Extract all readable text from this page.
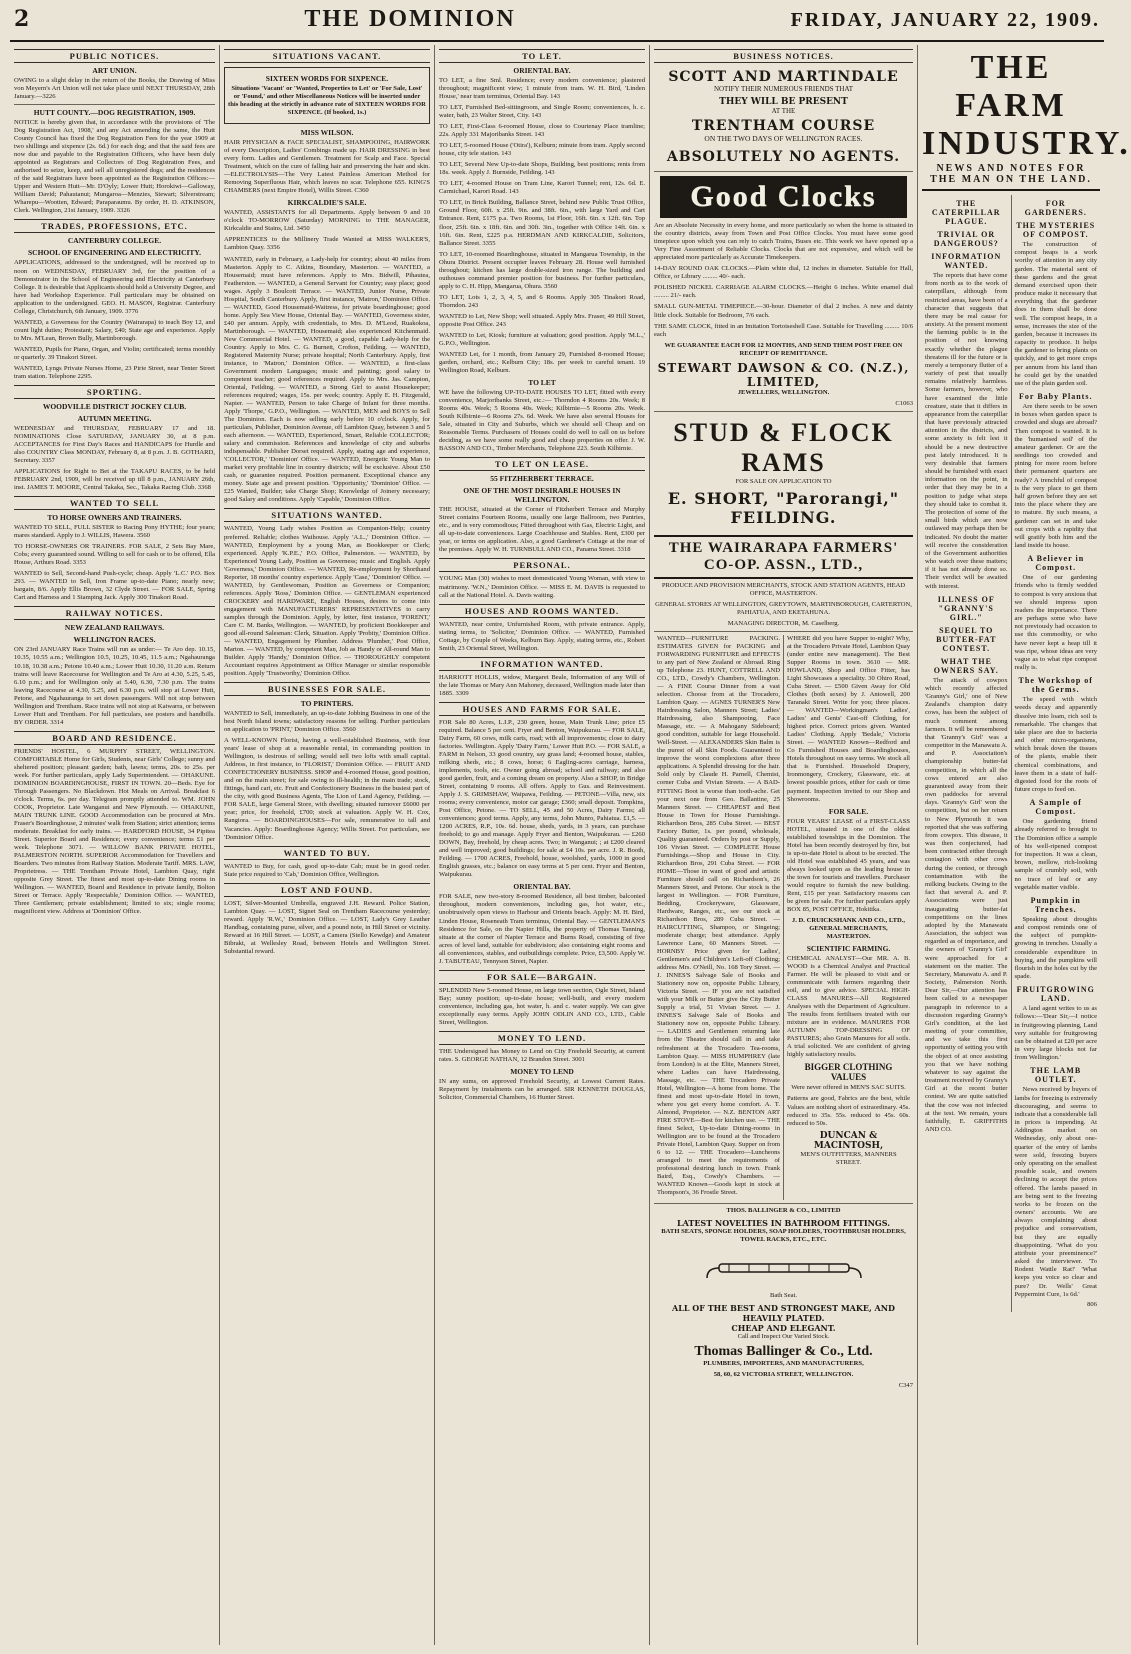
2	THE DOMINION	FRIDAY, JANUARY 22, 1909.
PUBLIC NOTICES.
ART UNION.

OWING to a slight delay in the return of the Books, the Drawing of Miss von Meyern's Art Union will not take place until NEXT THURSDAY, 28th January.—3226

HUTT COUNTY.—DOG REGISTRATION, 1909.

NOTICE is hereby given that, in accordance with the provisions of 'The Dog Registration Act, 1908,' and any Act amending the same, the Hutt County Council has fixed the Dog Registration Fees for the year 1909 at two shillings and sixpence (2s. 6d.) for each dog; and that the said fees are now due and payable to the Registration Officers, who have been duly appointed as Registrars and Collectors of Dog Registration Fees, and authorised to seize, keep, and sell all unregistered dogs; and the residences of the said Registrars have been appointed as the Registration Offices:— Upper and Western Hutt—Mr. D'Oyly; Lower Hutt; Horokiwi—Galloway, William David; Pahautanui; Mungaroa—Menzies, Stewart; Silverstream; Wharepu—Wootten, Edward; Paraparaumu. By order, H. D. ATKINSON, Clerk. Wellington, 21st January, 1909. 3326

TRADES, PROFESSIONS, ETC.
CANTERBURY COLLEGE.
SCHOOL OF ENGINEERING AND ELECTRICITY.

APPLICATIONS, addressed to the undersigned, will be received up to noon on WEDNESDAY, FEBRUARY 3rd, for the position of a Demonstrator in the School of Engineering and Electricity at Canterbury College. It is desirable that Applicants should hold a University Degree, and have had Workshop Experience. Full particulars may be obtained on application to the undersigned. GEO. H. MASON, Registrar. Canterbury College, Christchurch, 6th January, 1909. 3776

WANTED, a Governess for the Country (Wairarapa) to teach Boy 12, and count light duties; Protestant; Salary, £40; State age and experience. Apply to Mrs. M'Lean, Brown Bully, Martinborough.

WANTED, Pupils for Piano, Organ, and Violin; certificated; terms monthly or quarterly. 39 Tinakori Street.

WANTED, Lyngs Private Nurses Home, 23 Pirie Street, near Tenter Street tram station. Telephone 2295.

SPORTING.
WOODVILLE DISTRICT JOCKEY CLUB.
AUTUMN MEETING.

WEDNESDAY and THURSDAY, FEBRUARY 17 and 18. NOMINATIONS Close SATURDAY, JANUARY 30, at 8 p.m. ACCEPTANCES for First Day's Races and HANDICAPS for Hurdle and also COUNTRY Class MONDAY, February 8, at 8 p.m. J. B. GOTHARD, Secretary. 3357

APPLICATIONS for Right to Bet at the TAKAPU RACES, to be held FEBRUARY 2nd, 1909, will be received up till 8 p.m., JANUARY 26th, inst. JAMES T. MOORE, Central Takaka, Sec., Takaka Racing Club. 3368

WANTED TO SELL
TO HORSE OWNERS AND TRAINERS.

WANTED TO SELL, FULL SISTER to Racing Pony HYTHE; four years; mares standard. Apply to J. WILLIS, Hawera. 3560

TO HORSE-OWNERS OR TRAINERS. FOR SALE, 2 Sets Bay Mare, Cobs; every guaranteed sound. Willing to sell for cash or to be offered, Ella House, Arthurs Road. 3353

WANTED to Sell, Second-hand Push-cycle; cheap. Apply 'L.C.' P.O. Box 293. — WANTED to Sell, Iron Frame up-to-date Piano; nearly new; bargain, 8/6. Apply Ellis Brown, 32 Clyde Street. — FOR SALE, Spring Cart and Harness and 1 Stamping Jack. Apply 300 Tinakori Road.

RAILWAY NOTICES.
NEW ZEALAND RAILWAYS.
WELLINGTON RACES.

ON 23rd JANUARY Race Trains will run as under:— Te Aro dep. 10.15, 10.35, 10.55 a.m.; Wellington 10.5, 10.25, 10.45, 11.5 a.m.; Ngahauranga 10.18, 10.38 a.m.; Petone 10.40 a.m.; Lower Hutt 10.30, 11.20 a.m. Return trains will leave Racecourse for Wellington and Te Aro at 4.30, 5.25, 5.45, 6.10 p.m.; and for Wellington only at 5.40, 6.30, 7.30 p.m. The trains leaving Racecourse at 4.30, 5.25, and 6.30 p.m. will stop at Lower Hutt, Petone, and Ngahauranga to set down passengers. Will not stop between Wellington and Trentham. Race trains will not stop at Kaiwarra, or between Lower Hutt and Trentham. For full particulars, see posters and handbills. BY ORDER. 3314

BOARD AND RESIDENCE.

FRIENDS' HOSTEL, 6 MURPHY STREET, WELLINGTON. COMFORTABLE Home for Girls, Students, near Girls' College; sunny and sheltered position; pleasant garden; bath, lawns; terms, 20s. to 25s. per week. For further particulars, apply Lady Superintendent. — OHAKUNE. DOMINION BOARDINGHOUSE, FIRST IN TOWN. 20—Beds. Eye for Through Passengers. No Blackdown. Hot Meals on Arrival. Breakfast 6 o'clock. Terms, 6s. per day. Telegram promptly attended to. WM. JOHN COOK, Proprietor. Late Wanganui and New Plymouth. — OHAKUNE, MAIN TRUNK LINE. GOOD Accommodation can be procured at Mrs. Fraser's Boardinghouse, 2 minutes' walk from Station; strict attention; terms moderate. Breakfast for early trains. — HARDFORD HOUSE, 34 Pipitea Street. Superior Board and Residence; every convenience; terms £1 per week. Telephone 3071. — WILLOW BANK PRIVATE HOTEL, PALMERSTON NORTH. SUPERIOR Accommodation for Travellers and Boarders. Two minutes from Railway Station. Moderate Tariff. MRS. LAW, Proprietress. — THE Trentham Private Hotel, Lambton Quay, right opposite Grey Street. The finest and most up-to-date Dining rooms in Wellington. — WANTED, Board and Residence in private family, Bolton Street or Terrace. Apply 'Respectable,' Dominion Office. — WANTED, Three Gentlemen; private establishment; limited to six; single rooms; magnificent view. Address at 'Dominion' Office.

SITUATIONS VACANT.
SIXTEEN WORDS FOR SIXPENCE.

Situations 'Vacant' or 'Wanted, Properties to Let' or 'For Sale, Lost' or 'Found,' and other Miscellaneous Notices will be inserted under this heading at the strictly in advance rate of SIXTEEN WORDS FOR SIXPENCE. (If booked, 1s.)

MISS WILSON.

HAIR PHYSICIAN & FACE SPECIALIST, SHAMPOOING, HAIRWORK of every Description, Ladies' Combings made up. HAIR DRESSING in best every form. Ladies and Gentlemen. Treatment for Scalp and Face. Special Treatment, which on the cure of falling hair and preserving the hair and skin.—ELECTROLYSIS—The Very Latest Painless American Method for Removing Superfluous Hair, which leaves no scar. Telephone 655. KING'S CHAMBERS (next Empire Hotel), Willis Street. C360

KIRKCALDIE'S SALE.

WANTED, ASSISTANTS for all Departments. Apply between 9 and 10 o'clock TO-MORROW (Saturday) MORNING to THE MANAGER, Kirkcaldie and Stains, Ltd. 3450

APPRENTICES to the Millinery Trade Wanted at MISS WALKER'S, Lambton Quay. 3356

WANTED, early in February, a Lady-help for country; about 40 miles from Masterton. Apply to C. Atkins, Boundary, Masterton. — WANTED, a Housemaid; must have references. Apply to Mrs. Bidwill, Pihautea, Featherston. — WANTED, a General Servant for Country; easy place; good wages. Apply 3 Boulcott Terrace. — WANTED, Junior Nurse, Private Hospital, South Canterbury. Apply, first instance, 'Matron,' Dominion Office. — WANTED, Good Housemaid-Waitress, for private boardinghouse; good home. Apply Sea View House, Oriental Bay. — WANTED, Governess sister, £40 per annum. Apply, with credentials, to Mrs. D. M'Leod, Ruakokoa, Martinborough. — WANTED, Housemaid; also experienced Kitchenmaid. New Commercial Hotel. — WANTED, a good, capable Lady-help for the Country. Apply to Mrs. C. G. Burnett, Crofton, Feilding. — WANTED, Registered Maternity Nurse; private hospital; North Canterbury. Apply, first instance, to 'Matron,' Dominion Office. — WANTED, a first-class Government modern Languages; music and painting; good salary to competent teacher; good references required. Apply to Mrs. Jas. Campion, Oriental, Feilding. — WANTED, a Strong Girl to assist Housekeeper; references required; wages, 15s. per week; country. Apply E. H. Fitzgerald, Napier. — WANTED, Person to take Charge of Infant for three months. Apply 'Thorpe,' G.P.O., Wellington. — WANTED, MEN and BOYS to Sell The Dominion. Each is now selling early before 10 o'clock. Apply, for particulars, Publisher, Dominion Avenue, off Lambton Quay, between 3 and 5 each afternoon. — WANTED, Experienced, Smart, Reliable COLLECTOR; salary and commission. References and knowledge of city and suburbs indispensable. Publisher Dorset required. Apply, stating age and experience, 'COLLECTOR,' 'Dominion' Office. — WANTED, Energetic Young Man to market very profitable line in country districts; will be exclusive. About £50 cash, or guarantee required. Position permanent. Exceptional chance any money. State age and present position. 'Opportunity,' 'Dominion' Office. — £25 Wanted, Builder; take Charge Shop; Knowledge of Joinery necessary; good Salary and conditions. Apply 'Capable,' Dominion Office.

SITUATIONS WANTED.

WANTED, Young Lady wishes Position as Companion-Help; country preferred. Reliable; clothes Waihouse. Apply 'A.L.,' Dominion Office. — WANTED, Employment by a young Man, as Bookkeeper or Clerk; experienced. Apply 'K.P.E.,' P.O. Office, Palmerston. — WANTED, by Experienced Young Lady, Position as Governess; music and English. Apply 'Governess,' Dominion Office. — WANTED, Re-employment by Shorthand Reporter, 18 months' country experience. Apply 'Case,' 'Dominion' Office. — WANTED, by Gentlewoman, Position as Governess or Companion; references. Apply 'Ross,' Dominion Office. — GENTLEMAN experienced CROCKERY and HARDWARE, English Houses, desires to come into engagement with MANUFACTURERS' REPRESENTATIVES to carry samples through the Dominion. Apply, by letter, first instance, 'FORENT,' Care C. M. Banks, Wellington. — WANTED, by proficient Bookkeeper and good all-round Salesman: Clerk, Situation. Apply 'Probity,' Dominion Office. — WANTED, Engagement by Plumber. Address 'Plumber,' Post Office, Marton. — WANTED, by competent Man, Job as Handy or All-round Man to Builder. Apply 'Handy,' Dominion Office. — THOROUGHLY competent Accountant requires Appointment as Office Manager or similar responsible position. Apply 'Trustworthy,' Dominion Office.

BUSINESSES FOR SALE.
TO PRINTERS.

WANTED to Sell, immediately, an up-to-date Jobbing Business in one of the best North Island towns; satisfactory reasons for selling. Further particulars on application to 'PRINT,' Dominion Office. 3560

A WELL-KNOWN Florist, having a well-established Business, with four years' lease of shop at a reasonable rental, in commanding position in Wellington, is desirous of selling; would sell two lofts with small capital. Address, in first instance, to 'FLORIST,' Dominion Office. — FRUIT AND CONFECTIONERY BUSINESS. SHOP and 4-roomed House, good position, and on the main street; for sale owing to ill-health; in the main trade; stock, fittings, hand cart, etc. Fruit and Confectionery Business in the busiest part of the city, with good Business Agents, The Lion of Land Agency, Feilding. — FOR SALE, large General Store, with dwelling; situated turnover £6000 per year; price, for freehold, £700; stock at valuation. Apply W. H. Cox, Rangiora. — BOARDINGHOUSES—For sale, remunerative to tall and Vacancies. Apply: Boardinghouse Agency; Willis Street. For particulars, see 'Dominion' Office.

WANTED TO BUY.

WANTED to Buy, for cash, good up-to-date Cab; must be in good order. State price required to 'Cab,' Dominion Office, Wellington.

LOST AND FOUND.

LOST, Silver-Mounted Umbrella, engraved J.H. Reward. Police Station, Lambton Quay. — LOST, Signet Seal on Trentham Racecourse yesterday; reward. Apply 'R.W.,' Dominion Office. — LOST, Lady's Grey Leather Handbag, containing purse, silver, and a pound note, in Hill Street or vicinity. Reward at 16 Hill Street. — LOST, a Camera (Stello Kewdge) and Amateur Bibrakt, at Wellesley Road, between Hotels and Wellington Street. Substantial reward.

TO LET.
ORIENTAL BAY.

TO LET, a fine Sml. Residence; every modern convenience; plastered throughout; magnificent view; 1 minute from tram. W. H. Bird, 'Linden House,' near tram terminus, Oriental Bay. 143

TO LET, Furnished Bed-sittingroom, and Single Room; conveniences, h. c. water, bath, 23 Walter Street, City. 143

TO LET, First-Class 6-roomed House, close to Courtenay Place tramline; 22s. Apply 331 Majoribanks Street. 143

TO LET, 5-roomed House ('Otira'), Kelburn; minute from tram. Apply second house, city tele station. 143

TO LET, Several New Up-to-date Shops, Building, best positions; rents from 18s. week. Apply J. Burnside, Feilding. 143

TO LET, 4-roomed House on Tram Line, Karori Tunnel; rent, 12s. 6d. E. Carmichael, Karori Road. 143

TO LET, in Brick Building, Ballance Street, behind new Public Trust Office, Ground Floor, 60ft. x 25ft. 9in. and 38ft. 6in., with large Yard and Cart Entrance. Rent, £175 p.a. Two Rooms, 1st Floor, 16ft. 6in. x 12ft. 6in. Top floor, 25ft. 6in. x 18ft. 6in. and 30ft. 3in., together with Office 14ft. 6in. x 16ft. 6in. Rent, £225 p.a. HERDMAN AND KIRKCALDIE, Solicitors, Ballance Street. 3355

TO LET, 10-roomed Boardinghouse, situated in Mangarua Township, in the Ohura District. Present occupier leaves February 28. House well furnished throughout; kitchen has large double-sized iron range. The building and outhouses command premier position for business. For further particulars, apply to C. H. Hipp, Mangarua, Ohura. 3560

TO LET, Lots 1, 2, 3, 4, 5, and 6 Rooms. Apply 305 Tinakori Road, Thorndon. 243

WANTED to Let, New Shop; well situated. Apply Mrs. Fraser, 49 Hill Street, opposite Post Office. 243

WANTED to Let, Kiosk; furniture at valuation; good position. Apply 'M.L.,' G.P.O., Wellington.

WANTED Let, for 1 month, from January 29, Furnished 8-roomed House; garden, orchard, etc.; Kelburn City; 18s. per week to careful tenant. 19 Wellington Road, Kelburn.

TO LET

WE have the following UP-TO-DATE HOUSES TO LET, fitted with every convenience, Marjoribanks Street, etc.:— Thorndon 4 Rooms 20s. Week; 8 Rooms 40s. Week; 5 Rooms 40s. Week; Kilbirnie—5 Rooms 20s. Week. South Kilbirnie—6 Rooms 27s. 6d. Week. We have also several Houses for Sale, situated in City and Suburbs, which we should sell Cheap and on Reasonable Terms. Purchasers of Houses could do well to call on us before deciding, as we have some really good and cheap properties on offer. J. W. BASSON AND CO., Timber Merchants, Telephone 223. South Kilbirnie.

TO LET ON LEASE.
55 FITZHERBERT TERRACE.
ONE OF THE MOST DESIRABLE HOUSES IN WELLINGTON.

THE HOUSE, situated at the Corner of Fitzherbert Terrace and Murphy Street contains Fourteen Rooms, usually one large Ballroom, two Pantries, etc., and is very commodious; Fitted throughout with Gas, Electric Light, and all up-to-date conveniences. Large Coachhouse and Stables. Rent, £300 per year, or terms on application. Also, a good Gardener's Cottage at the rear of the premises. Apply W. H. TURNBULL AND CO., Panama Street. 3318

PERSONAL.

YOUNG Man (30) wishes to meet domesticated Young Woman, with view to matrimony. 'W.N.,' Dominion Office. — MISS E. M. DAVIS is requested to call at the National Hotel. A. Davis waiting.

HOUSES AND ROOMS WANTED.

WANTED, near centre, Unfurnished Room, with private entrance. Apply, stating terms, to 'Solicitor,' Dominion Office. — WANTED, Furnished Cottage, by Couple of Weeks, Kelburn Bay. Apply, stating terms, etc., Robert Smith, 23 Oriental Street, Wellington.

INFORMATION WANTED.

HARRIOTT HOLLIS, widow, Margaret Beale, Information of any Will of the late Thomas or Mary Ann Mahoney, deceased, Wellington made later than 1885. 3309

HOUSES AND FARMS FOR SALE.

FOR Sale 80 Acres, L.I.P., 230 green, house, Main Trunk Line; price £5 required. Balance 5 per cent. Fryer and Benton, Waipukurau. — FOR SALE, Dairy Farm, 60 cows, milk carts, road; with all improvements; close to dairy factories. Wellington. Apply 'Dairy Farm,' Lower Hutt P.O. — FOR SALE, a FARM in Nelson, 33 good country, say grass land; 4-roomed house, stables, milking sheds, etc.; 8 cows, horse; 6 Eagling-acres carriage, harness, implements, tools, etc. Owner going abroad; school and railway; and also good garden, fruit, and a coming dream on property. Also a SHOP, in Bridge Street, containing 9 rooms. All offers. Apply to Gus. and Reinvestment. Apply J. S. GRIMSHAW, Waipawa, Feilding. — PETONE—Villa, new, six rooms; every convenience, motor car garage; £360; small deposit. Tompkins, Post Office, Petone. — TO SELL, 45 and 50 Acres, Dairy Farms; all conveniences; good terms. Apply, any terms, John Munro, Pahiatua. £1,5. — 1200 ACRES, R.P., 10s. 6d. house, sheds, yards, in 3 years, can purchase freehold; to go and manage. Apply Fryer and Benton, Waipukurau. — £260 DOWN, Bay, freehold, by cheap acres. Two; in Wanganui; ; at £200 cleared and well improved; good buildings; for sale at £4 10s. per acre. J. R. Booth, Feilding. — 1700 ACRES, Freehold, house, woolshed, yards, 1000 in good English grasses, etc.; balance on easy terms at 5 per cent. Fryer and Benton, Waipukurau.

ORIENTAL BAY.

FOR SALE, new two-story 8-roomed Residence, all best timber, balconied throughout, modern conveniences, including gas, hot water, etc., unobtrusively open views to Harbour and Orients beach. Apply: M. H. Bird, Linden House, Roseneath Tram terminus, Oriental Bay. — GENTLEMAN'S Residence for Sale, on the Napier Hills, the property of Thomas Tanning, situate at the corner of Napier Terrace and Burns Road, consisting of five acres of level land, suitable for subdivision; also containing eight rooms and all conveniences, stables, and outbuildings complete. Price, £3,500. Apply W. J. TABUTEAU, Tennyson Street, Napier.

FOR SALE—BARGAIN.

SPLENDID New 5-roomed House, on large town section, Ogle Street, Island Bay; sunny position; up-to-date house; well-built, and every modern convenience, including gas, hot water, h. and c. water supply. We can give exceptionally easy terms. Apply JOHN ODLIN AND CO., LTD., Cable Street, Wellington.

MONEY TO LEND.

THE Undersigned has Money to Lend on City Freehold Security, at current rates. S. GEORGE NATHAN, 12 Brandon Street. 3001

MONEY TO LEND

IN any sums, on approved Freehold Security, at Lowest Current Rates. Repayment by instalments can be arranged. SIR KENNETH DOUGLAS, Solicitor, Commercial Chambers, 16 Hunter Street.

BUSINESS NOTICES.
SCOTT AND MARTINDALE
NOTIFY THEIR NUMEROUS FRIENDS THAT
THEY WILL BE PRESENT
AT THE
TRENTHAM COURSE
ON THE TWO DAYS OF WELLINGTON RACES.
ABSOLUTELY NO AGENTS.
Good Clocks

Are an Absolute Necessity in every home, and more particularly so when the home is situated in the country districts, away from Town and Post Office Clocks. You must have some good timepiece upon which you can rely to catch Trains, Buses etc. This week we have opened up a Very Fine Assortment of Reliable Clocks. Clocks that are not expensive, and which will be appreciated more particularly as Accurate Timekeepers.

14-DAY ROUND OAK CLOCKS.—Plain white dial, 12 inches in diameter. Suitable for Hall, Office, or Library ......... 40/- each.

POLISHED NICKEL CARRIAGE ALARM CLOCKS.—Height 6 inches. White enamel dial ......... 21/- each.

SMALL GUN-METAL TIMEPIECE.—30-hour. Diameter of dial 2 inches. A new and dainty little clock. Suitable for Bedroom, 7/6 each.

THE SAME CLOCK, fitted in an Imitation Tortoiseshell Case. Suitable for Travelling ......... 10/6 each

WE GUARANTEE EACH FOR 12 MONTHS, AND SEND THEM POST FREE ON RECEIPT OF REMITTANCE.

STEWART DAWSON & CO. (N.Z.), LIMITED,
JEWELLERS, WELLINGTON.
C1063
STUD & FLOCK RAMS
FOR SALE ON APPLICATION TO
E. SHORT, "Parorangi,"
FEILDING.
THE WAIRARAPA FARMERS' CO-OP. ASSN., LTD.,
PRODUCE AND PROVISION MERCHANTS, STOCK AND STATION AGENTS, HEAD OFFICE, MASTERTON.
GENERAL STORES AT WELLINGTON, GREYTOWN, MARTINBOROUGH, CARTERTON, PAHIATUA, AND EKETAHUNA.
MANAGING DIRECTOR, M. Caselberg.

WANTED—FURNITURE PACKING. ESTIMATES GIVEN for PACKING and FORWARDING FURNITURE and EFFECTS to any part of New Zealand or Abroad. Ring up Telephone 23. HUNT, COTTRELL AND CO., LTD., Cowdy's Chambers, Wellington. — A FINE Course Dinner from a vast selection. Choose from at the Trocadero, Lambton Quay. — AGNES TURNER'S New Hairdressing Salon, Manners Street; Ladies' Hairdressing, also Shampooing, Face Massage, etc. — A Mahogany Sideboard; good condition, suitable for large Household. Well-Street. — ALEXANDERS Skin Balm is the purest of all Skin Foods. Guaranteed to improve the worst complexions after three applications. A Splendid dressing for the hair. Sold only by Claude H. Parnell, Chemist, corner Cuba and Vivian Streets. — A BAD-FITTING Boot is worse than tooth-ache. Get your next one from Geo. Ballantine, 25 Manners Street. — CHEAPEST and Best House in Town for House Furnishings. Richardson Bros, 285 Cuba Street. — BEST Factory Butter, 1s. per pound, wholesale, Quality guaranteed. Orders by post or Supply, 106 Vivian Street. — COMPLETE House Furnishings.—Shop and House in City. Richardson Bros, 291 Cuba Street. — FOR HOME—Those in want of good and artistic Furniture should call on Richardson's, 26 Manners Street, and Petone. Our stock is the largest in Wellington. — FOR Furniture, Bedding, Crockeryware, Glassware, Hardware, Ranges, etc., see our stock at Richardson Bros, 289 Cuba Street. — HAIRCUTTING, Shampoo, or Singeing; moderate charge; best attendance. Apply Lawrence Lane, 60 Manners Street. — HORNBY Price given for Ladies', Gentlemen's and Children's Left-off Clothing; address Mrs. O'Neill, No. 168 Tory Street. — J. INNES'S Salvage Sale of Books and Stationery now on, opposite Public Library, Victoria Street. — IF you are not satisfied with your Milk or Butter give the City Butter Supply a trial, 51 Vivian Street. — J. INNES'S Salvage Sale of Books and Stationery now on, opposite Public Library. — LADIES and Gentlemen returning late from the Theatre should call in and take refreshment at the Trocadero Tea-rooms, Lambton Quay. — MISS HUMPHREY (late from London) is at the Elite, Manners Street, where Ladies can have Hairdressing, Massage, etc. — THE Trocadero Private Hotel, Wellington—A home from home. The finest and most up-to-date Hotel in town, where you get every home comfort. A. T. Almond, Proprietor. — N.Z. BENTON ART FIRE STOVE—Best for kitchen use. — THE finest Select, Up-to-date Dining-rooms in Wellington are to be found at the Trocadero Private Hotel, Lambton Quay. Supper on from 6 to 12. — THE Trocadero—Luncheons arranged to meet the requirements of professional desiring lunch in town. Frank Baird, Esq., Cowdy's Chambers. — WANTED Known—Goods kept in stock at Thompson's, 36 Frostle Street.

WHERE did you have Supper to-night? Why, at the Trocadero Private Hotel, Lambton Quay (under entire new management). The Best Supper Rooms in town. 3610 — MR. HOWLAND, Shop and Office Fitter, has Light Showcases a speciality. 30 Ohiro Road, Cuba Street. — £500 Given Away for Old Clothes (both sexes) by J. Antowell, 200 Taranaki Street. Write for you; three places. — WANTED—Workingman's Ladies', Ladies' and Gents' Cast-off Clothing, for highest price. Correct prices given. Wanted Ladies' Clothing. Apply 'Bedale,' Victoria Street. — WANTED Known—Redford and Co Furnished Houses and Boardinghouses, Hotels throughout on easy terms. We stock all that is Furnished. Household Drapery, Ironmongery, Crockery, Glassware, etc. at lowest possible prices, either for cash or time payment. Inspection invited to our Shop and Showrooms.

FOR SALE.

FOUR YEARS' LEASE of a FIRST-CLASS HOTEL, situated in one of the oldest established townships in the Dominion. The Hotel has been recently destroyed by fire, but is up-to-date Hotel is about to be erected. The old Hotel was established 45 years, and was always looked upon as the leading house in the town for tourists and travellers. Purchaser would require to furnish the new building. Rent, £15 per year. Satisfactory reasons can be given for sale. For further particulars apply BOX 85, POST OFFICE, Hokitika.

J. D. CRUICKSHANK AND CO., LTD., GENERAL MERCHANTS, MASTERTON.
SCIENTIFIC FARMING.

CHEMICAL ANALYST—Our MR. A. B. WOOD is a Chemical Analyst and Practical Farmer. He will be pleased to visit and or communicate with farmers regarding their soil, and to give advice. SPECIAL HIGH-CLASS MANURES—All Registered Analyses with the Department of Agriculture. The results from fertilisers treated with our mixture are in evidence. MANURES FOR AUTUMN TOP-DRESSING OF PASTURES; also Grain Manures for all soils. A trial solicited. We are confident of giving highly satisfactory results.

BIGGER CLOTHING VALUES
Were never offered in MEN'S SAC SUITS.

Patterns are good, Fabrics are the best, while Values are nothing short of extraordinary. 45s. reduced to 35s. 55s. reduced to 45s. 60s. reduced to 50s.

DUNCAN & MACINTOSH,
MEN'S OUTFITTERS, MANNERS STREET.
THOS. BALLINGER & CO., LIMITED
LATEST NOVELTIES IN BATHROOM FITTINGS.
BATH SEATS, SPONGE HOLDERS, SOAP HOLDERS, TOOTHBRUSH HOLDERS, TOWEL RACKS, ETC., ETC.
Bath Seat.
ALL OF THE BEST AND STRONGEST MAKE, AND HEAVILY PLATED.
CHEAP AND ELEGANT.
Call and Inspect Our Varied Stock.
Thomas Ballinger & Co., Ltd.
PLUMBERS, IMPORTERS, AND MANUFACTURERS,
58, 60, 62 VICTORIA STREET, WELLINGTON.
C347
THE FARM INDUSTRY.
NEWS AND NOTES FOR THE MAN ON THE LAND.
THE CATERPILLAR PLAGUE.
TRIVIAL OR DANGEROUS?
INFORMATION WANTED.

The reports that have come from north as to the work of caterpillars, although from restricted areas, have been of a character that suggests that there may be real cause for anxiety. At the present moment the farming public is in the position of not knowing exactly whether the plague threatens ill for the future or is merely a temporary flutter of a variety of pest that usually remains relatively harmless. Some farmers, however, who have examined the little creature, state that it differs in appearance from the caterpillar that have previously attracted attention in the districts, and some anxiety is felt lest it should be a new destructive pest lately introduced. It is very desirable that farmers should be furnished with exact information on the point, in order that they may be in a position to judge what steps they should take to combat it. The protection of some of the small birds which are now outlawed may perhaps then be indicated. No doubt the matter will receive the consideration of the Government authorities who watch over these matters; if it has not already done so. Their verdict will be awaited with interest.

ILLNESS OF "GRANNY'S GIRL."
SEQUEL TO BUTTER-FAT CONTEST.
WHAT THE OWNERS SAY.

The attack of cowpox which recently affected 'Granny's Girl,' one of New Zealand's champion dairy cows, has been the subject of much comment among farmers. It will be remembered that 'Granny's Girl' was a competitor in the Manawatu A. and P. Association's championship butter-fat competition, in which all the cows entered are also guaranteed away from their own paddocks for several days. 'Granny's Girl' won the competition, but on her return to New Plymouth it was reported that she was suffering from cowpox. This disease, it was then conjectured, had been contracted either through contagion with other cows during the contest, or through contamination with the milking buckets. Owing to the fact that several A. and P. Associations were just inaugurating butter-fat competitions on the lines adopted by the Manawatu Association, the subject was regarded as of importance, and the owners of 'Granny's Girl' were approached for a statement on the matter. The Secretary, Manawatu A. and P. Society, Palmerston North. Dear Sir,—Our attention has been called to a newspaper paragraph in reference to a discussion regarding Granny's Girl's condition, at the last meeting of your committee, and we take this first opportunity of setting you with the object of at once assisting you that we have nothing whatever to say against the treatment received by Granny's Girl at the recent butter contest. We are quite satisfied that the cow was not infected at the test. We remain, yours faithfully, E. GRIFFITHS AND CO.

FOR GARDENERS.
THE MYSTERIES OF COMPOST.

The construction of compost heaps is a work worthy of attention in any city garden. The material sent of these gardens and the great demand exercised upon their produce make it necessary that everything that the gardener does in them shall be done well. The compost heaps, in a sense, increases the size of the garden, because it increases its capacity to produce. It helps the gardener to bring plants on quickly, and to get more crops per annum from his land than he could get by the unaided use of the plain garden soil.

For Baby Plants.

Are there seeds to be sown in boxes when garden space is crowded and slugs are abroad? Then compost is wanted. It is the 'humanised soil' of the amateur gardener. Or are the seedlings too crowded and pining for more room before their permanent quarters are ready? A trenchful of compost is the very place to get them half grown before they are set into the place where they are to mature. By such means, a gardener can set in and take out crops with a rapidity that will gratify both him and the land inside its house.

A Believer in Compost.

One of our gardening friends who is firmly wedded to compost is very anxious that we should impress upon readers the importance. There are perhaps some who have not previously had occasion to use this commodity, or who have never kept a heap till it was ripe, whose ideas are very vague as to what ripe compost really is.

The Workshop of the Germs.

The speed with which weeds decay and apparently dissolve into loam, rich soil is remarkable. The changes that take place are due to bacteria and other micro-organisms, which break down the tissues of the plants, enable their chemical combinations, and leave them in a state of half-digested food for the roots of future crops to feed on.

A Sample of Compost.

One gardening friend already referred to brought to The Dominion office a sample of his well-ripened compost for inspection. It was a clean, brown, mellow, rich-looking sample of crumbly soil, with no trace of leaf or any vegetable matter visible.

Pumpkin in Trenches.

Speaking about droughts and compost reminds one of the subject of pumpkin-growing in trenches. Usually a considerable expenditure in buying, and the pumpkins will flourish in the holes cut by the spade.

FRUITGROWING LAND.

A land agent writes to us as follows:—'Dear Sir,—I notice in fruitgrowing planning, Land very suitable for fruitgrowing can be obtained at £20 per acre in very large blocks not far from Wellington.'

THE LAMB OUTLET.

News received by buyers of lambs for freezing is extremely discouraging, and seems to indicate that a considerable fall in prices is impending. At Addington market on Wednesday, only about one-quarter of the entry of lambs were sold, freezing buyers only operating on the smallest possible scale, and owners declining to accept the prices offered. The lambs passed in are being sent to the freezing works to be frozen on the owners' accounts. We are always complaining about prejudice and conservatism, but they are equally disappointing. 'What do you attribute your preeminence?' asked the interviewer. 'To Rodent Wattle Rat!' 'What keeps you voice so clear and pure? Dr. Wells' Great Peppermint Cure, 1s 6d.'

806
